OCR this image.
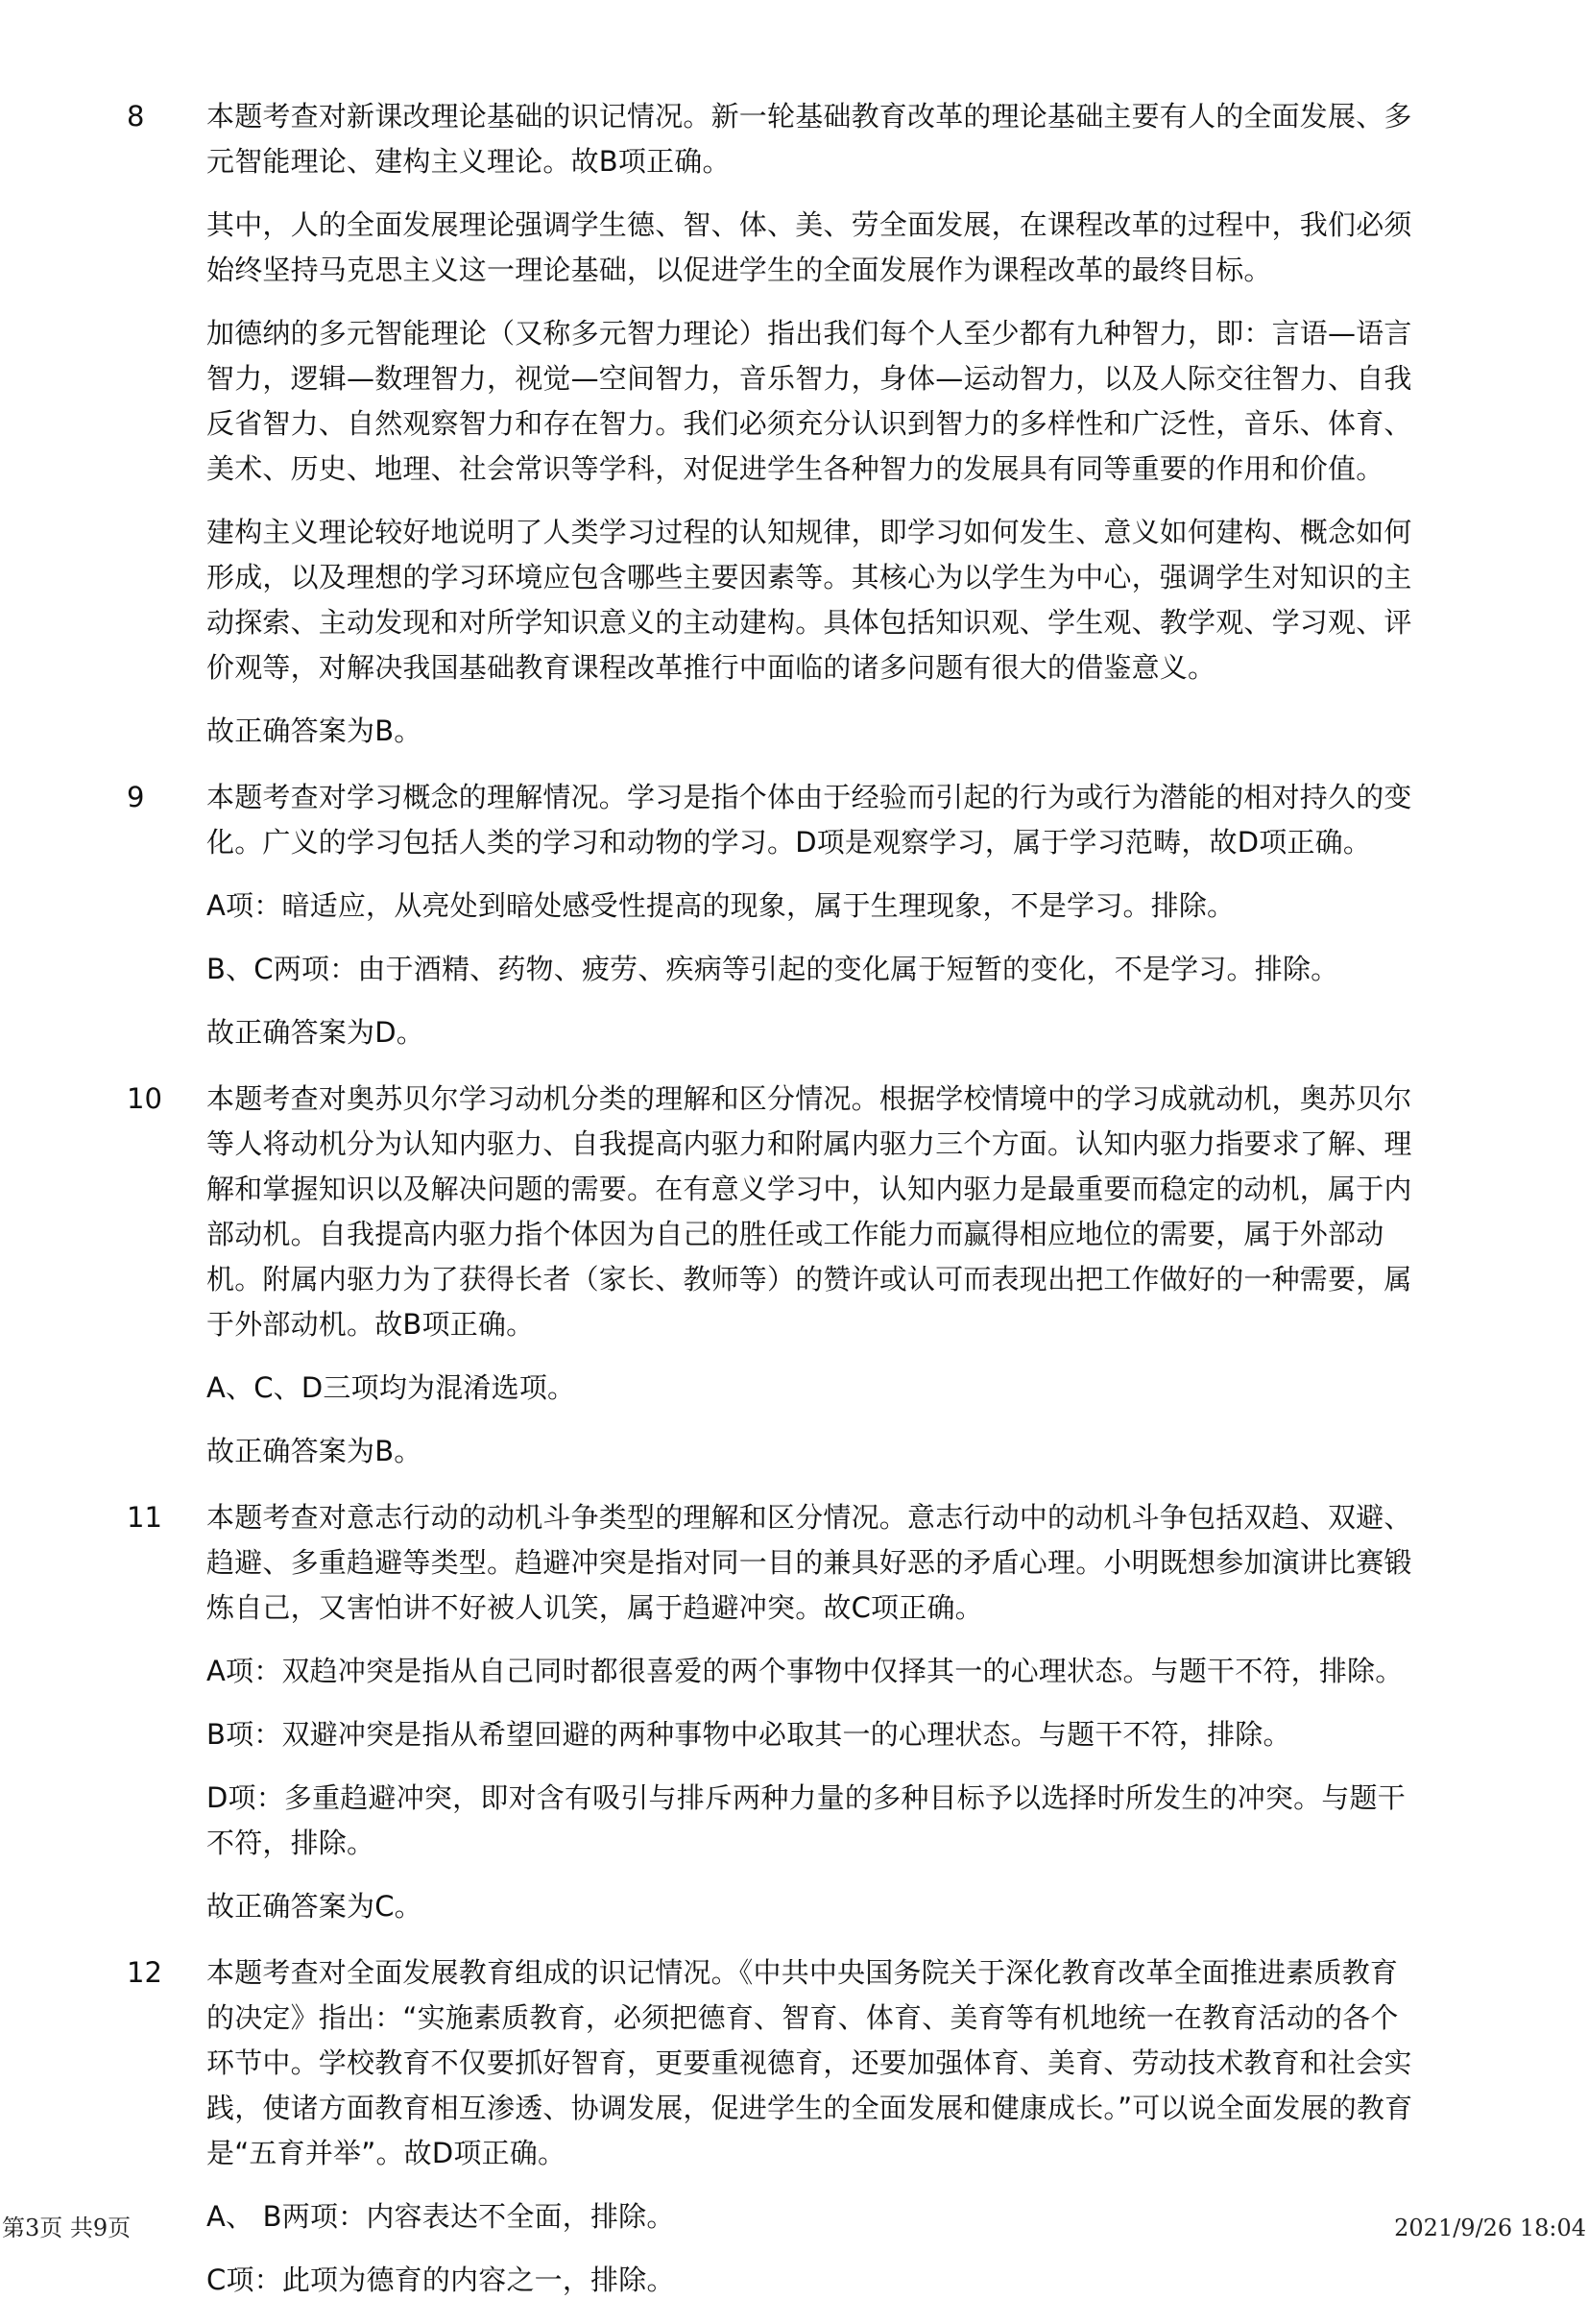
8 本题考查对新课改理论基础的识记情况。新一轮基础教育改革的理论基础主要有人的全面发展、多元智能理论、建构主义理论。故B项正确。

其中，人的全面发展理论强调学生德、智、体、美、劳全面发展，在课程改革的过程中，我们必须始终坚持马克思主义这一理论基础，以促进学生的全面发展作为课程改革的最终目标。

加德纳的多元智能理论（又称多元智力理论）指出我们每个人至少都有九种智力，即：言语—语言智力，逻辑—数理智力，视觉—空间智力，音乐智力，身体—运动智力，以及人际交往智力、自我反省智力、自然观察智力和存在智力。我们必须充分认识到智力的多样性和广泛性，音乐、体育、美术、历史、地理、社会常识等学科，对促进学生各种智力的发展具有同等重要的作用和价值。

建构主义理论较好地说明了人类学习过程的认知规律，即学习如何发生、意义如何建构、概念如何形成，以及理想的学习环境应包含哪些主要因素等。其核心为以学生为中心，强调学生对知识的主动探索、主动发现和对所学知识意义的主动建构。具体包括知识观、学生观、教学观、学习观、评价观等，对解决我国基础教育课程改革推行中面临的诸多问题有很大的借鉴意义。

故正确答案为B。

9 本题考查对学习概念的理解情况。学习是指个体由于经验而引起的行为或行为潜能的相对持久的变化。广义的学习包括人类的学习和动物的学习。D项是观察学习，属于学习范畴，故D项正确。

A项：暗适应，从亮处到暗处感受性提高的现象，属于生理现象，不是学习。排除。

B、C两项：由于酒精、药物、疲劳、疾病等引起的变化属于短暂的变化，不是学习。排除。

故正确答案为D。

10 本题考查对奥苏贝尔学习动机分类的理解和区分情况。根据学校情境中的学习成就动机，奥苏贝尔等人将动机分为认知内驱力、自我提高内驱力和附属内驱力三个方面。认知内驱力指要求了解、理解和掌握知识以及解决问题的需要。在有意义学习中，认知内驱力是最重要而稳定的动机，属于内部动机。自我提高内驱力指个体因为自己的胜任或工作能力而赢得相应地位的需要，属于外部动机。附属内驱力为了获得长者（家长、教师等）的赞许或认可而表现出把工作做好的一种需要，属于外部动机。故B项正确。

A、C、D三项均为混淆选项。

故正确答案为B。

11 本题考查对意志行动的动机斗争类型的理解和区分情况。意志行动中的动机斗争包括双趋、双避、趋避、多重趋避等类型。趋避冲突是指对同一目的兼具好恶的矛盾心理。小明既想参加演讲比赛锻炼自己，又害怕讲不好被人讥笑，属于趋避冲突。故C项正确。

A项：双趋冲突是指从自己同时都很喜爱的两个事物中仅择其一的心理状态。与题干不符，排除。

B项：双避冲突是指从希望回避的两种事物中必取其一的心理状态。与题干不符，排除。

D项：多重趋避冲突，即对含有吸引与排斥两种力量的多种目标予以选择时所发生的冲突。与题干不符，排除。

故正确答案为C。

12 本题考查对全面发展教育组成的识记情况。《中共中央国务院关于深化教育改革全面推进素质教育的决定》指出：“实施素质教育，必须把德育、智育、体育、美育等有机地统一在教育活动的各个环节中。学校教育不仅要抓好智育，更要重视德育，还要加强体育、美育、劳动技术教育和社会实践，使诸方面教育相互渗透、协调发展，促进学生的全面发展和健康成长。”可以说全面发展的教育是“五育并举”。故D项正确。

A、 B两项：内容表达不全面，排除。

C项：此项为德育的内容之一，排除。

第3页 共9页	2021/9/26 18:04
